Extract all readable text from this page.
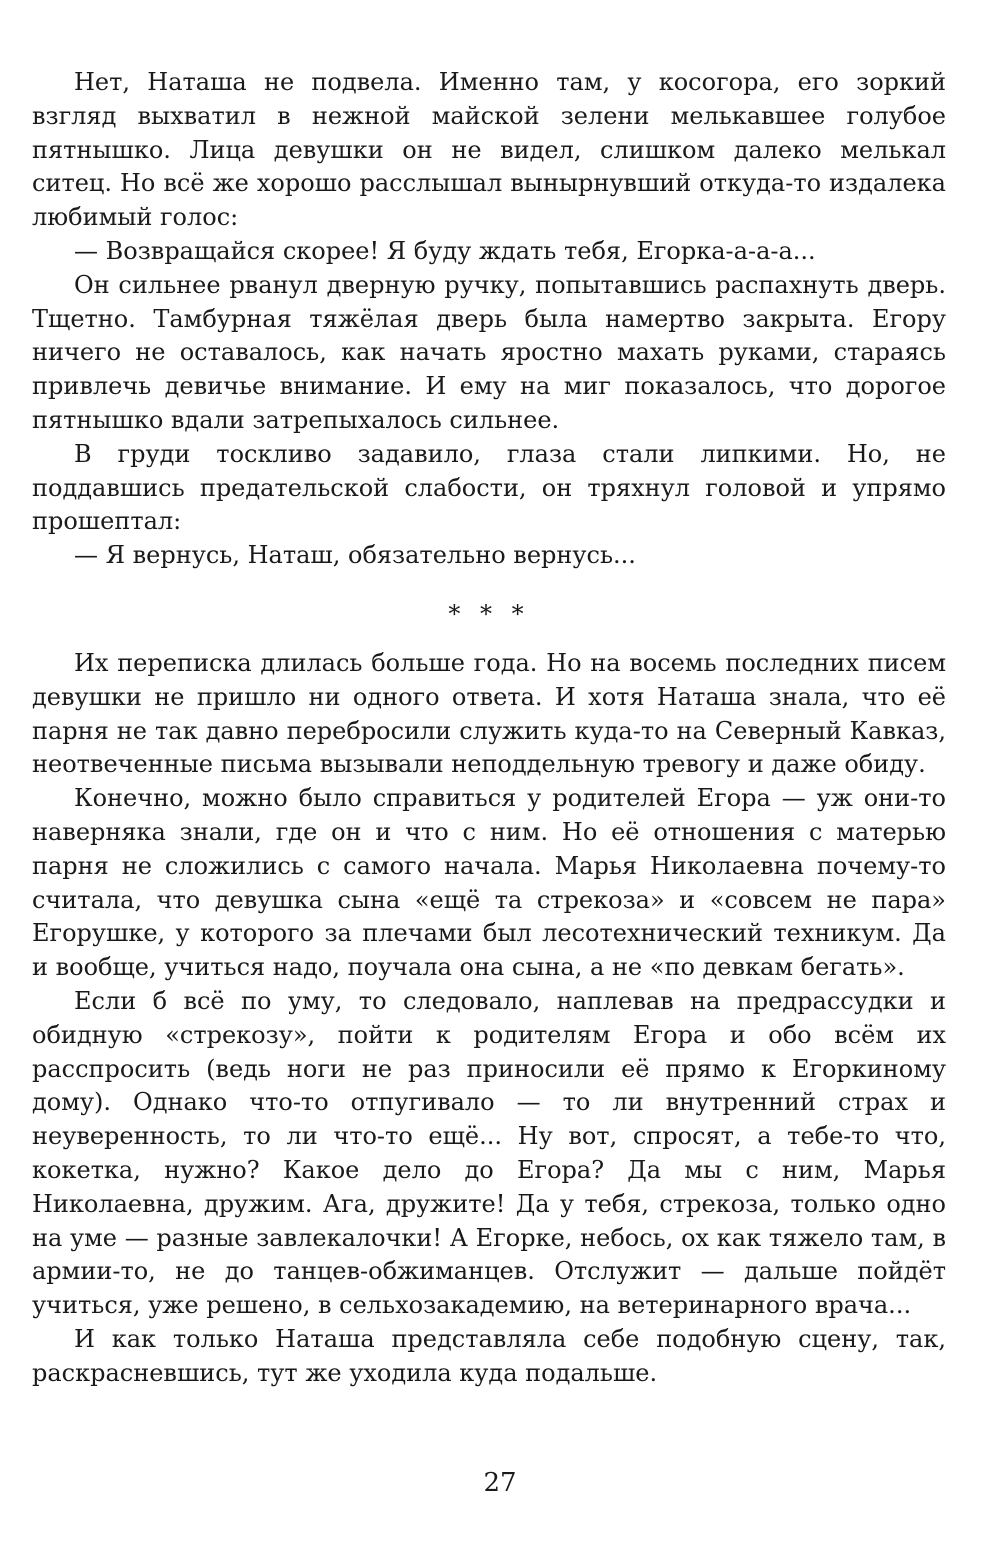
Нет, Наташа не подвела. Именно там, у косогора, его зоркий взгляд выхватил в нежной майской зелени мелькавшее голубое пятнышко. Лица девушки он не видел, слишком далеко мелькал ситец. Но всё же хорошо расслышал вынырнувший откуда-то издалека любимый голос:

— Возвращайся скорее! Я буду ждать тебя, Егорка-а-а-а...

Он сильнее рванул дверную ручку, попытавшись распахнуть дверь. Тщетно. Тамбурная тяжёлая дверь была намертво закрыта. Егору ничего не оставалось, как начать яростно махать руками, стараясь привлечь девичье внимание. И ему на миг показалось, что дорогое пятнышко вдали затрепыхалось сильнее.

В груди тоскливо задавило, глаза стали липкими. Но, не поддавшись предательской слабости, он тряхнул головой и упрямо прошептал:

— Я вернусь, Наташ, обязательно вернусь...

* * *

Их переписка длилась больше года. Но на восемь последних писем девушки не пришло ни одного ответа. И хотя Наташа знала, что её парня не так давно перебросили служить куда-то на Северный Кавказ, неотвеченные письма вызывали неподдельную тревогу и даже обиду.

Конечно, можно было справиться у родителей Егора — уж они-то наверняка знали, где он и что с ним. Но её отношения с матерью парня не сложились с самого начала. Марья Николаевна почему-то считала, что девушка сына «ещё та стрекоза» и «совсем не пара» Егорушке, у которого за плечами был лесотехнический техникум. Да и вообще, учиться надо, поучала она сына, а не «по девкам бегать».

Если б всё по уму, то следовало, наплевав на предрассудки и обидную «стрекозу», пойти к родителям Егора и обо всём их расспросить (ведь ноги не раз приносили её прямо к Егоркиному дому). Однако что-то отпугивало — то ли внутренний страх и неуверенность, то ли что-то ещё... Ну вот, спросят, а тебе-то что, кокетка, нужно? Какое дело до Егора? Да мы с ним, Марья Николаевна, дружим. Ага, дружите! Да у тебя, стрекоза, только одно на уме — разные завлекалочки! А Егорке, небось, ох как тяжело там, в армии-то, не до танцев-обжиманцев. Отслужит — дальше пойдёт учиться, уже решено, в сельхозакадемию, на ветеринарного врача...

И как только Наташа представляла себе подобную сцену, так, раскрасневшись, тут же уходила куда подальше.

27
